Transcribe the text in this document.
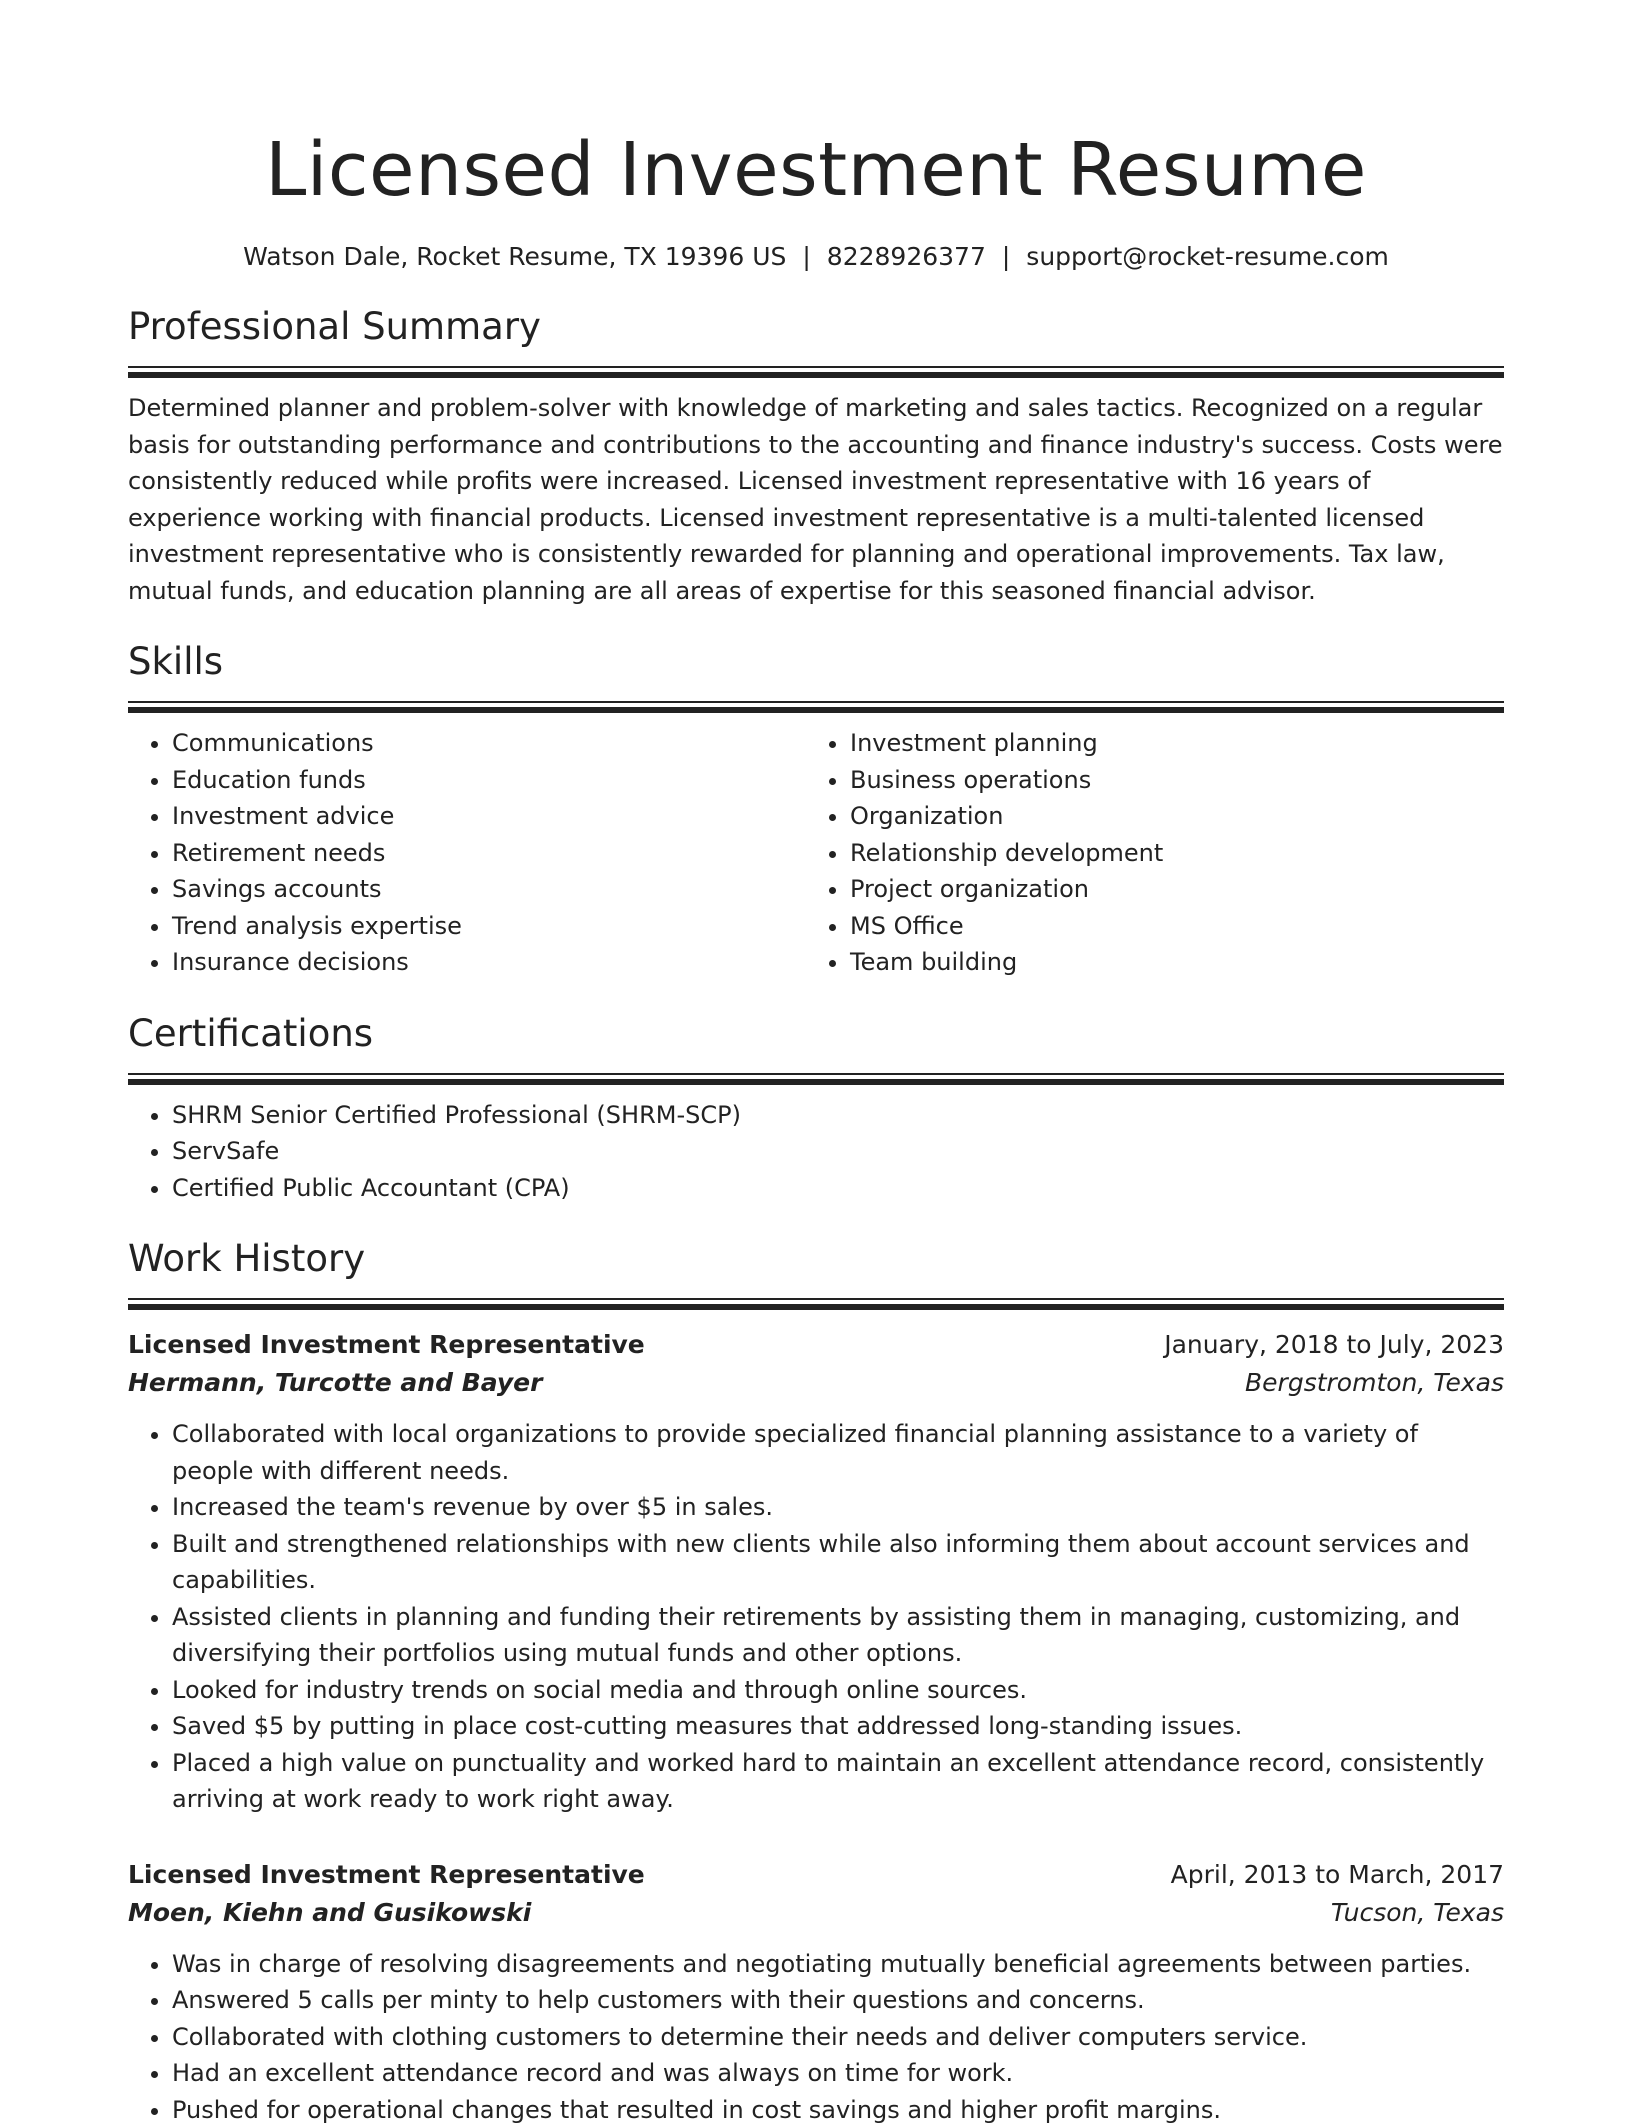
Licensed Investment Resume
Watson Dale, Rocket Resume, TX 19396 US | 8228926377 | support@rocket-resume.com
Professional Summary

Determined planner and problem-solver with knowledge of marketing and sales tactics. Recognized on a regular basis for outstanding performance and contributions to the accounting and finance industry's success. Costs were consistently reduced while profits were increased. Licensed investment representative with 16 years of experience working with financial products. Licensed investment representative is a multi-talented licensed investment representative who is consistently rewarded for planning and operational improvements. Tax law, mutual funds, and education planning are all areas of expertise for this seasoned financial advisor.

Skills
• Communications
• Education funds
• Investment advice
• Retirement needs
• Savings accounts
• Trend analysis expertise
• Insurance decisions
• Investment planning
• Business operations
• Organization
• Relationship development
• Project organization
• MS Office
• Team building
Certifications
• SHRM Senior Certified Professional (SHRM-SCP)
• ServSafe
• Certified Public Accountant (CPA)
Work History
Licensed Investment Representative	January, 2018 to July, 2023
Hermann, Turcotte and Bayer	Bergstromton, Texas
• Collaborated with local organizations to provide specialized financial planning assistance to a variety of people with different needs.
• Increased the team's revenue by over $5 in sales.
• Built and strengthened relationships with new clients while also informing them about account services and capabilities.
• Assisted clients in planning and funding their retirements by assisting them in managing, customizing, and diversifying their portfolios using mutual funds and other options.
• Looked for industry trends on social media and through online sources.
• Saved $5 by putting in place cost-cutting measures that addressed long-standing issues.
• Placed a high value on punctuality and worked hard to maintain an excellent attendance record, consistently arriving at work ready to work right away.
Licensed Investment Representative	April, 2013 to March, 2017
Moen, Kiehn and Gusikowski	Tucson, Texas
• Was in charge of resolving disagreements and negotiating mutually beneficial agreements between parties.
• Answered 5 calls per minty to help customers with their questions and concerns.
• Collaborated with clothing customers to determine their needs and deliver computers service.
• Had an excellent attendance record and was always on time for work.
• Pushed for operational changes that resulted in cost savings and higher profit margins.
